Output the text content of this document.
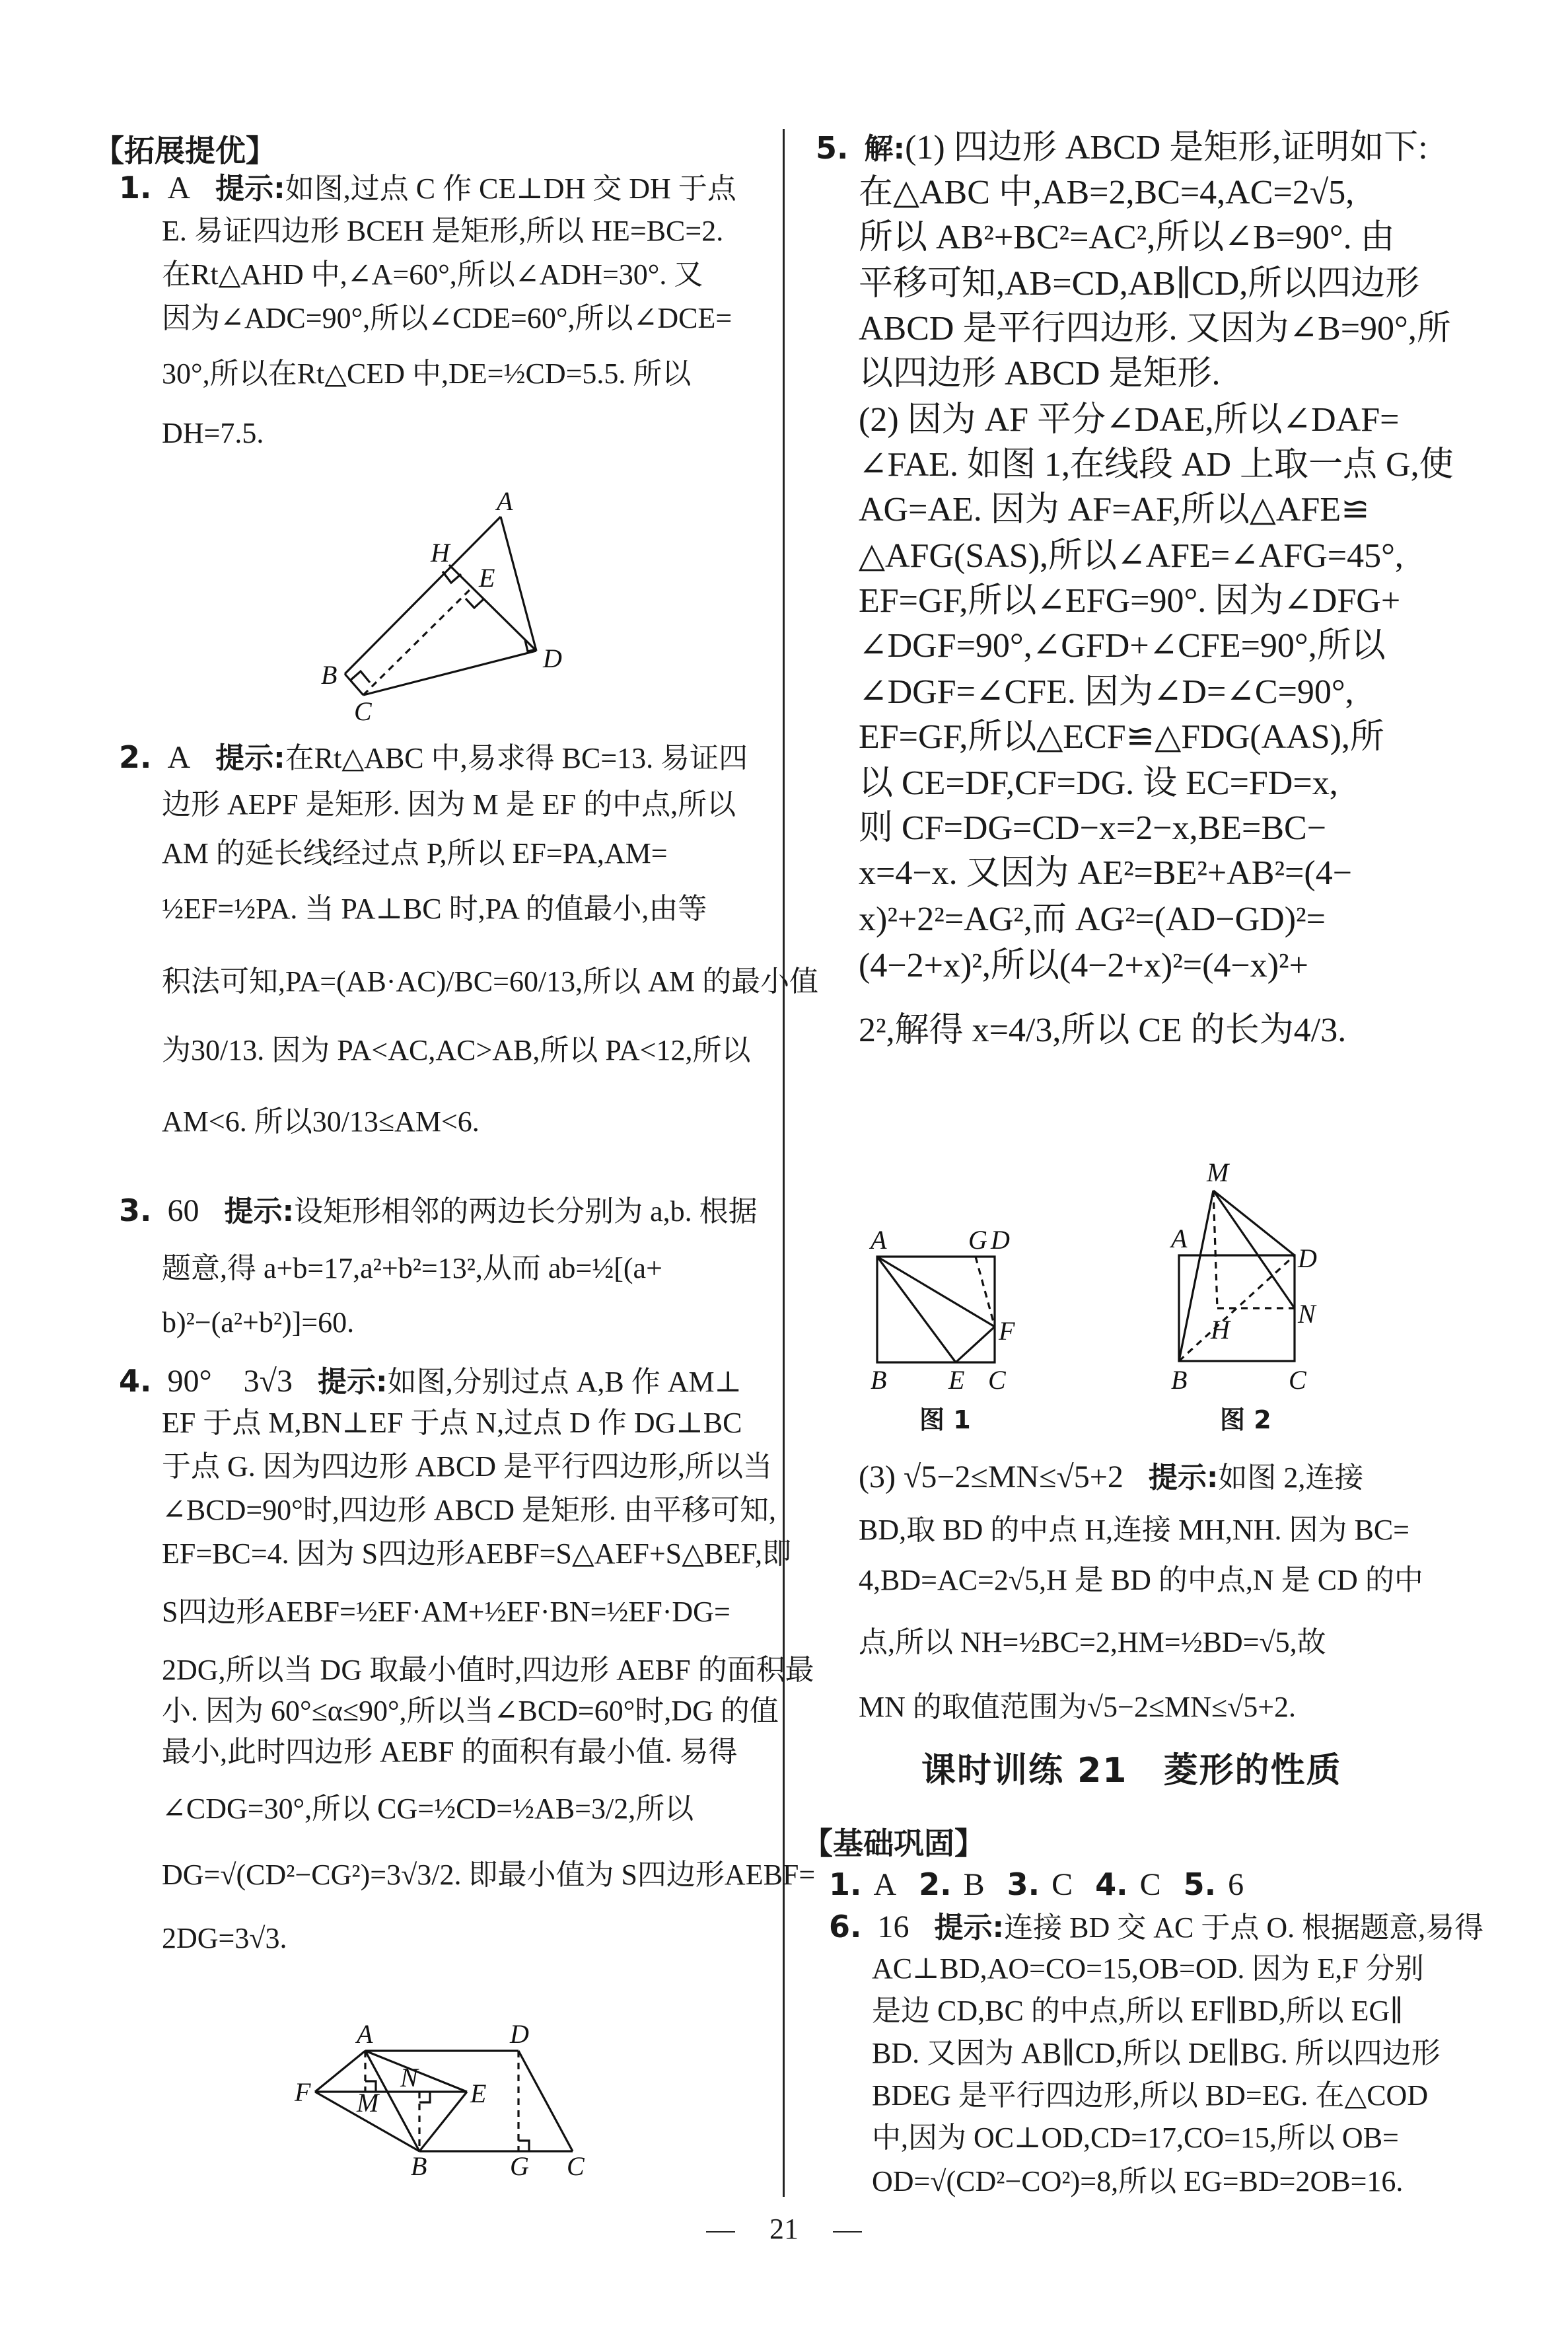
【拓展提优】
1. A 提示:如图,过点 C 作 CE⊥DH 交 DH 于点
E. 易证四边形 BCEH 是矩形,所以 HE=BC=2.
在Rt△AHD 中,∠A=60°,所以∠ADH=30°. 又
因为∠ADC=90°,所以∠CDE=60°,所以∠DCE=
30°,所以在Rt△CED 中,DE=½CD=5.5. 所以
DH=7.5.
A
H
E
B
C
D
2. A 提示:在Rt△ABC 中,易求得 BC=13. 易证四
边形 AEPF 是矩形. 因为 M 是 EF 的中点,所以
AM 的延长线经过点 P,所以 EF=PA,AM=
½EF=½PA. 当 PA⊥BC 时,PA 的值最小,由等
积法可知,PA=(AB·AC)/BC=60/13,所以 AM 的最小值
为30/13. 因为 PA<AC,AC>AB,所以 PA<12,所以
AM<6. 所以30/13≤AM<6.
3. 60 提示:设矩形相邻的两边长分别为 a,b. 根据
题意,得 a+b=17,a²+b²=13²,从而 ab=½[(a+
b)²−(a²+b²)]=60.
4. 90°　3√3 提示:如图,分别过点 A,B 作 AM⊥
EF 于点 M,BN⊥EF 于点 N,过点 D 作 DG⊥BC
于点 G. 因为四边形 ABCD 是平行四边形,所以当
∠BCD=90°时,四边形 ABCD 是矩形. 由平移可知,
EF=BC=4. 因为 S四边形AEBF=S△AEF+S△BEF,即
S四边形AEBF=½EF·AM+½EF·BN=½EF·DG=
2DG,所以当 DG 取最小值时,四边形 AEBF 的面积最
小. 因为 60°≤α≤90°,所以当∠BCD=60°时,DG 的值
最小,此时四边形 AEBF 的面积有最小值. 易得
∠CDG=30°,所以 CG=½CD=½AB=3/2,所以
DG=√(CD²−CG²)=3√3/2. 即最小值为 S四边形AEBF=
2DG=3√3.
A	D
F	N
M	E
B	G C
5. 解:(1) 四边形 ABCD 是矩形,证明如下:
在△ABC 中,AB=2,BC=4,AC=2√5,
所以 AB²+BC²=AC²,所以∠B=90°. 由
平移可知,AB=CD,AB∥CD,所以四边形
ABCD 是平行四边形. 又因为∠B=90°,所
以四边形 ABCD 是矩形.
(2) 因为 AF 平分∠DAE,所以∠DAF=
∠FAE. 如图 1,在线段 AD 上取一点 G,使
AG=AE. 因为 AF=AF,所以△AFE≌
△AFG(SAS),所以∠AFE=∠AFG=45°,
EF=GF,所以∠EFG=90°. 因为∠DFG+
∠DGF=90°,∠GFD+∠CFE=90°,所以
∠DGF=∠CFE. 因为∠D=∠C=90°,
EF=GF,所以△ECF≌△FDG(AAS),所
以 CE=DF,CF=DG. 设 EC=FD=x,
则 CF=DG=CD−x=2−x,BE=BC−
x=4−x. 又因为 AE²=BE²+AB²=(4−
x)²+2²=AG²,而 AG²=(AD−GD)²=
(4−2+x)²,所以(4−2+x)²=(4−x)²+
2²,解得 x=4/3,所以 CE 的长为4/3.
A	G D
F
B E C
图 1
M
A
D
H
N
B	C
图 2
(3) √5−2≤MN≤√5+2 提示:如图 2,连接
BD,取 BD 的中点 H,连接 MH,NH. 因为 BC=
4,BD=AC=2√5,H 是 BD 的中点,N 是 CD 的中
点,所以 NH=½BC=2,HM=½BD=√5,故
MN 的取值范围为√5−2≤MN≤√5+2.
课时训练 21　菱形的性质
【基础巩固】
1. A 2. B 3. C 4. C 5. 6
6. 16 提示:连接 BD 交 AC 于点 O. 根据题意,易得
AC⊥BD,AO=CO=15,OB=OD. 因为 E,F 分别
是边 CD,BC 的中点,所以 EF∥BD,所以 EG∥
BD. 又因为 AB∥CD,所以 DE∥BG. 所以四边形
BDEG 是平行四边形,所以 BD=EG. 在△COD
中,因为 OC⊥OD,CD=17,CO=15,所以 OB=
OD=√(CD²−CO²)=8,所以 EG=BD=2OB=16.
21
